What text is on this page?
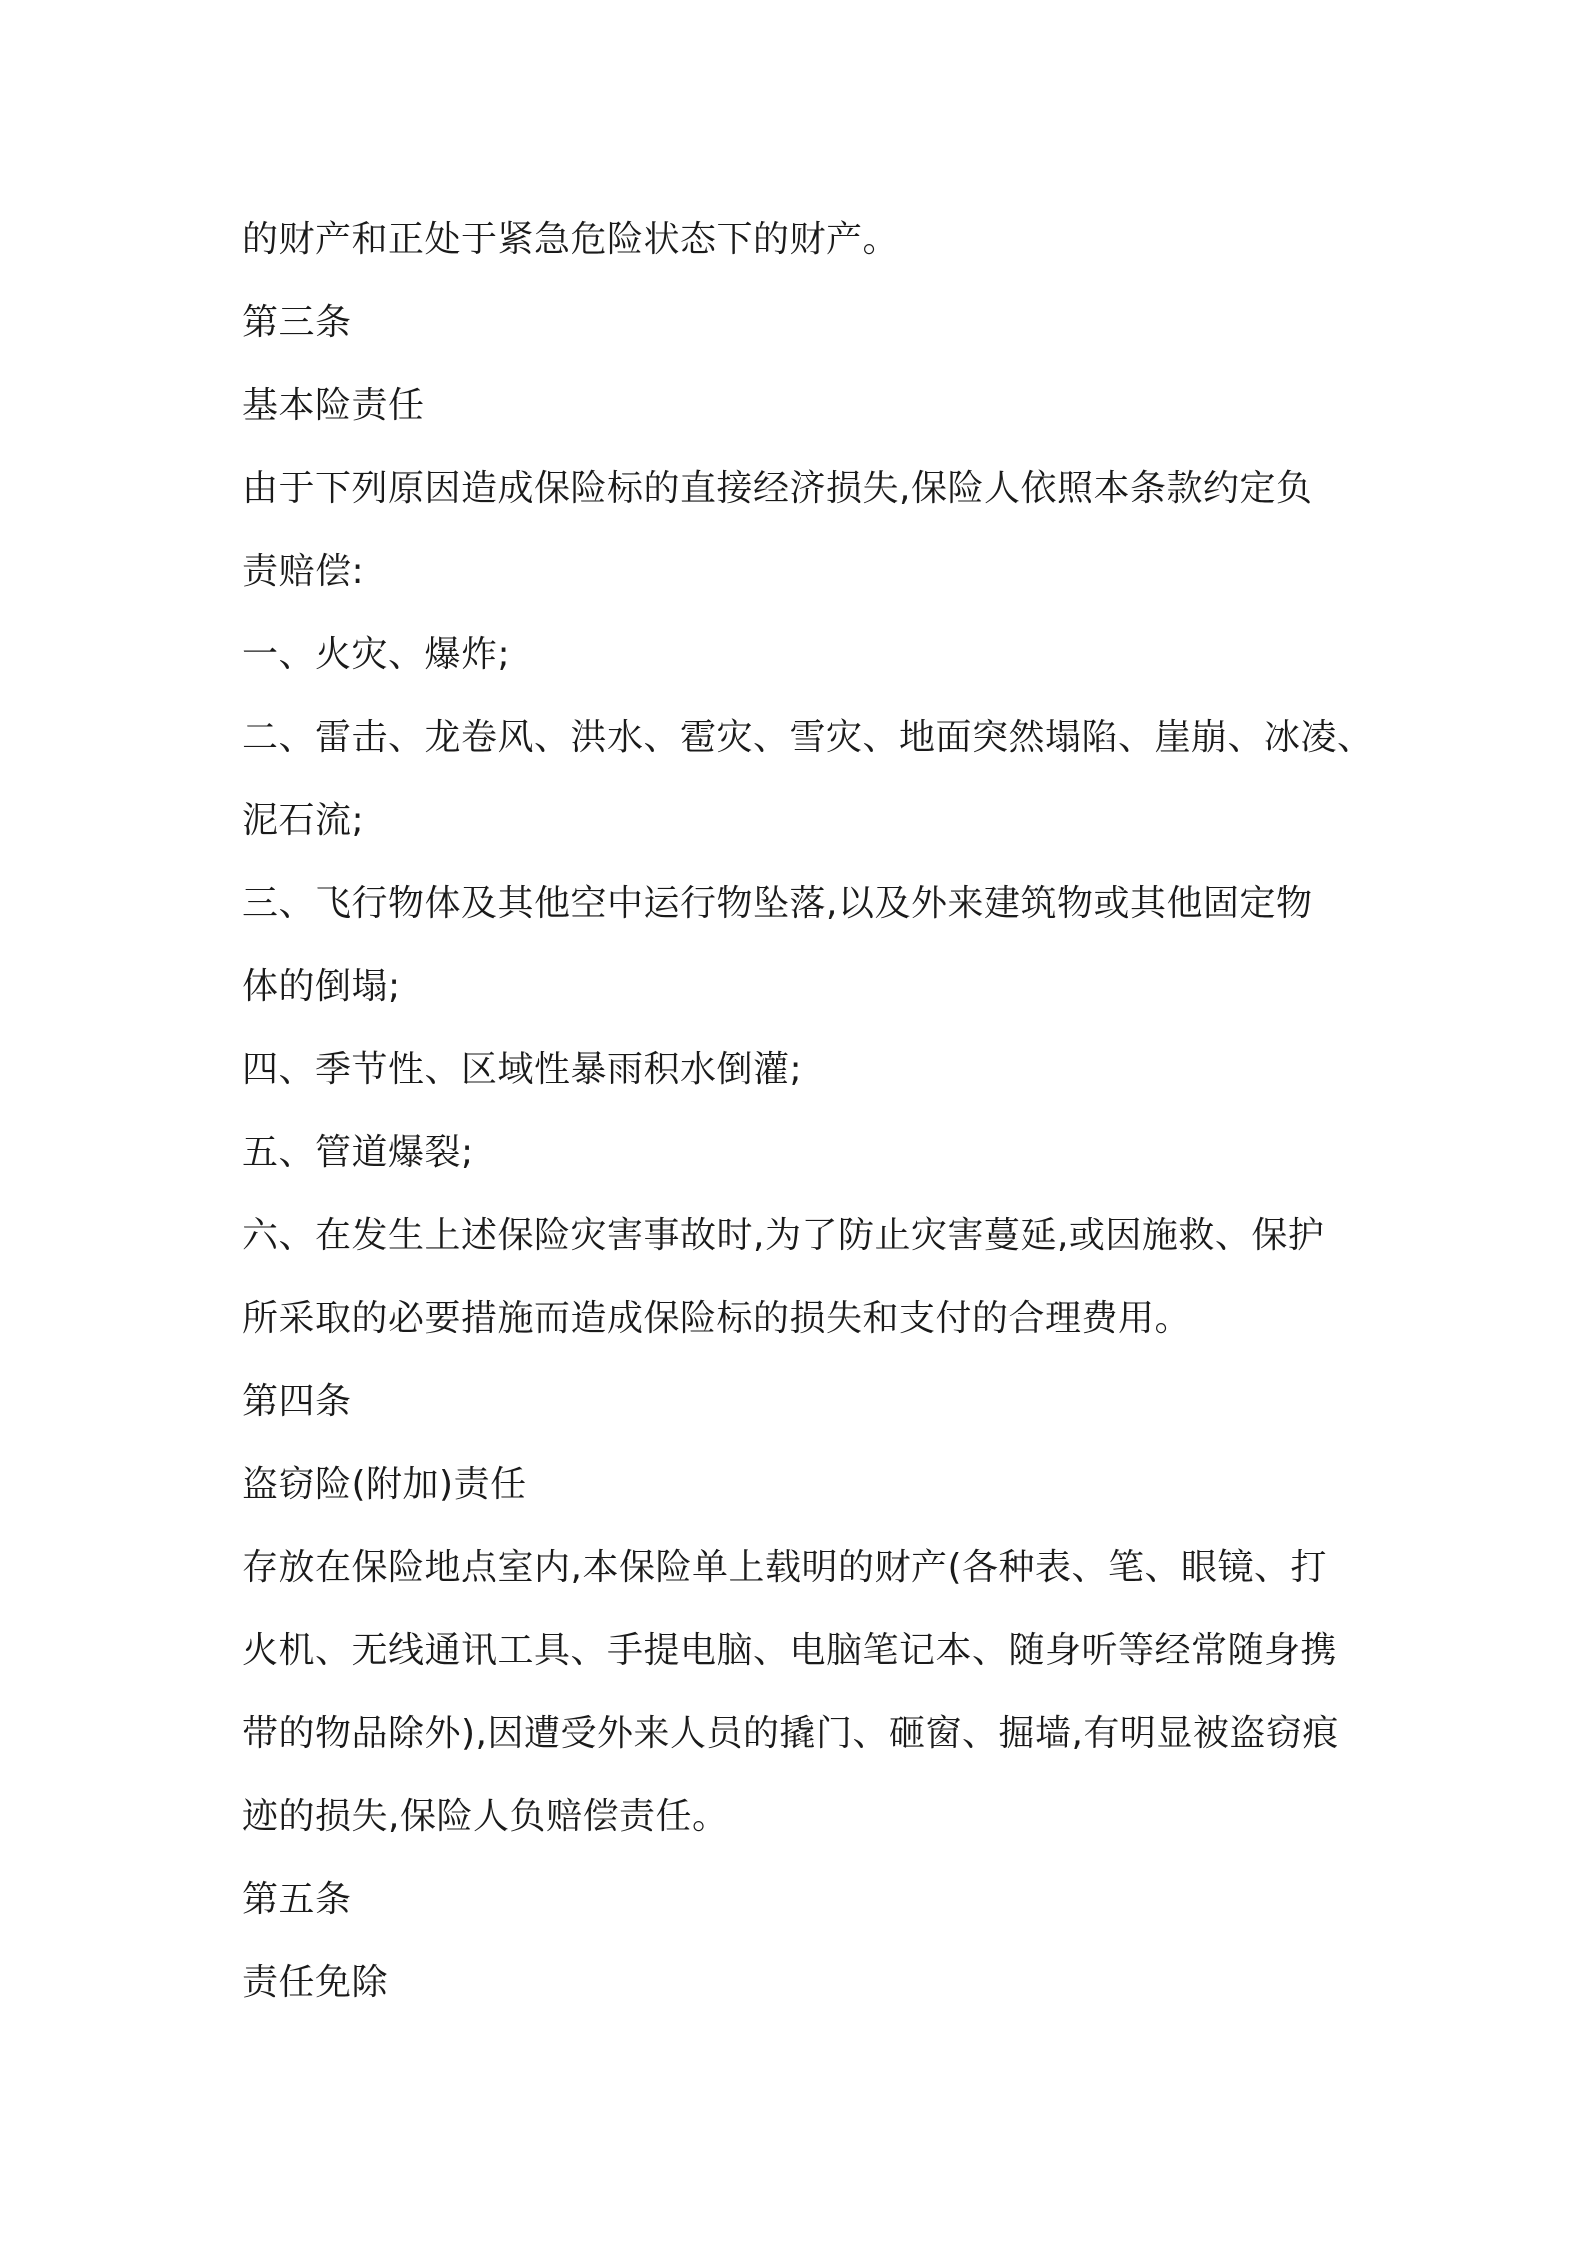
的财产和正处于紧急危险状态下的财产。
第三条
基本险责任
由于下列原因造成保险标的直接经济损失,保险人依照本条款约定负
责赔偿:
一、火灾、爆炸;
二、雷击、龙卷风、洪水、雹灾、雪灾、地面突然塌陷、崖崩、冰凌、
泥石流;
三、飞行物体及其他空中运行物坠落,以及外来建筑物或其他固定物
体的倒塌;
四、季节性、区域性暴雨积水倒灌;
五、管道爆裂;
六、在发生上述保险灾害事故时,为了防止灾害蔓延,或因施救、保护
所采取的必要措施而造成保险标的损失和支付的合理费用。
第四条
盗窃险(附加)责任
存放在保险地点室内,本保险单上载明的财产(各种表、笔、眼镜、打
火机、无线通讯工具、手提电脑、电脑笔记本、随身听等经常随身携
带的物品除外),因遭受外来人员的撬门、砸窗、掘墙,有明显被盗窃痕
迹的损失,保险人负赔偿责任。
第五条
责任免除
